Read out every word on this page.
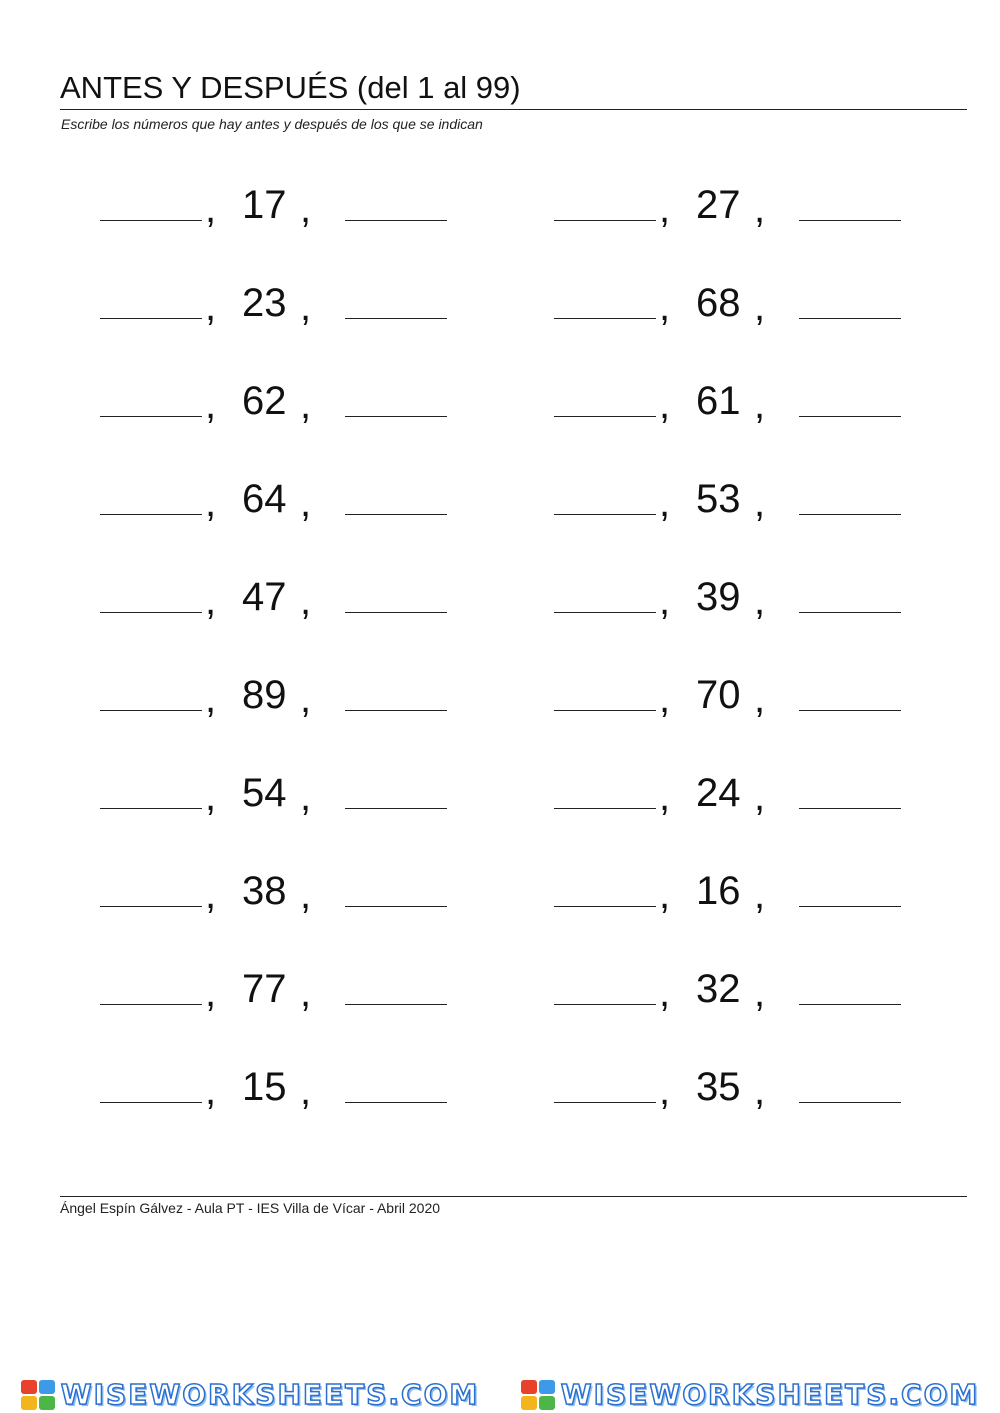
ANTES Y DESPUÉS (del 1 al 99)
Escribe los números que hay antes y después de los que se indican
, 17 ,
, 23 ,
, 62 ,
, 64 ,
, 47 ,
, 89 ,
, 54 ,
, 38 ,
, 77 ,
, 15 ,
, 27 ,
, 68 ,
, 61 ,
, 53 ,
, 39 ,
, 70 ,
, 24 ,
, 16 ,
, 32 ,
, 35 ,
Ángel Espín Gálvez - Aula PT - IES Villa de Vícar - Abril 2020
WISEWORKSHEETS.COM	WISEWORKSHEETS.COM
